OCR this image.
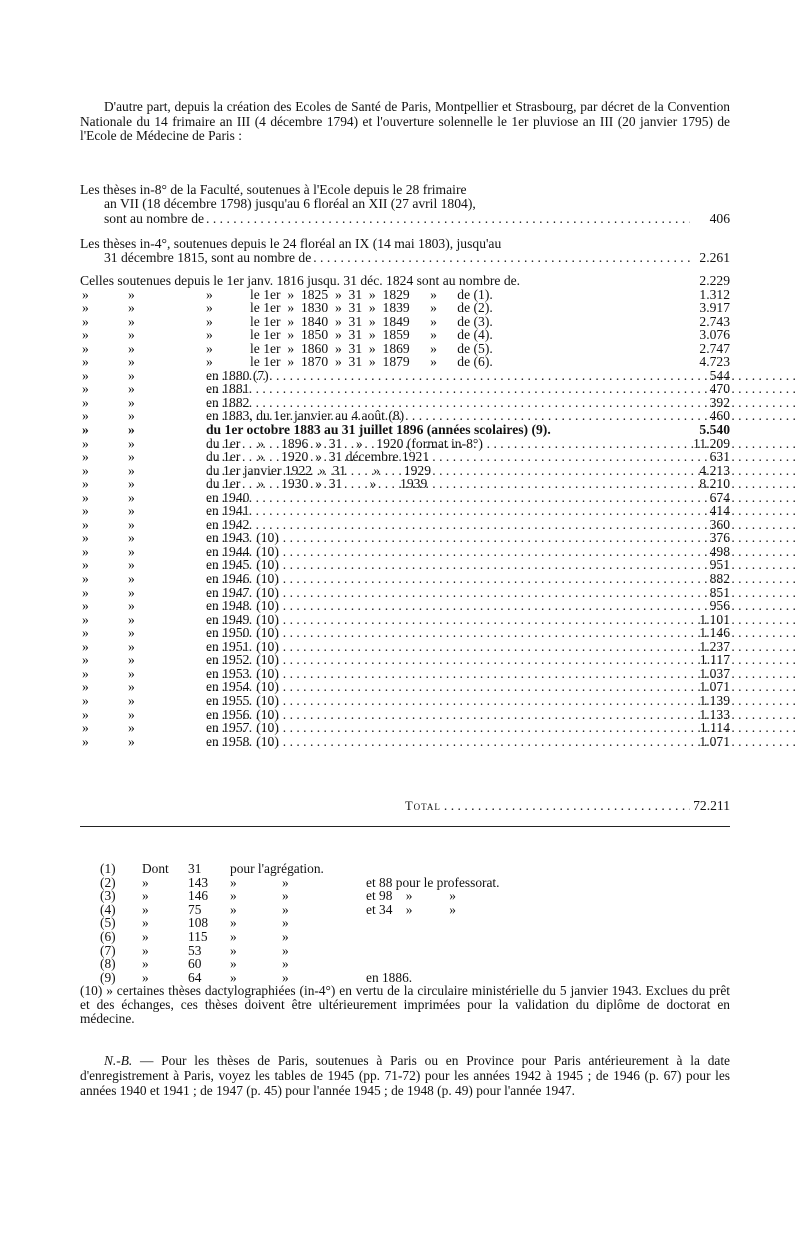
D'autre part, depuis la création des Ecoles de Santé de Paris, Montpellier et Strasbourg, par décret de la Convention Nationale du 14 frimaire an III (4 décembre 1794) et l'ouverture solennelle le 1er pluviose an III (20 janvier 1795) de l'Ecole de Médecine de Paris :

Les thèses in-8° de la Faculté, soutenues à l'Ecole depuis le 28 frimaire
an VII (18 décembre 1798) jusqu'au 6 floréal an XII (27 avril 1804),
sont au nombre de . . .	406
Les thèses in-4°, soutenues depuis le 24 floréal an IX (14 mai 1803), jusqu'au
31 décembre 1815, sont au nombre de . . .	2.261
Celles soutenues depuis le 1er janv. 1816 jusqu. 31 déc. 1824 sont au nombre de.	2.229
»	»	»	le 1er  »  1825  »  31  »  1829      »      de (1).	1.312
»	»	»	le 1er  »  1830  »  31  »  1839      »      de (2).	3.917
»	»	»	le 1er  »  1840  »  31  »  1849      »      de (3).	2.743
»	»	»	le 1er  »  1850  »  31  »  1859      »      de (4).	3.076
»	»	»	le 1er  »  1860  »  31  »  1869      »      de (5).	2.747
»	»	»	le 1er  »  1870  »  31  »  1879      »      de (6).	4.723
»	»	en 1880 (7) . . .	544
»	»	en 1881 . . .	470
»	»	en 1882 . . .	392
»	»	en 1883, du 1er janvier au 4 août (8) . . .	460
»	»	du 1er octobre 1883 au 31 juillet 1896 (années scolaires) (9).	5.540
»	»	du 1er     »     1896  »  31    »    1920 (format in-8°) . . .	11.209
»	»	du 1er     »     1920  »  31 décembre 1921 . . .	631
»	»	du 1er janvier 1922  »  31        »       1929 . . .	4.213
»	»	du 1er     »     1930  »  31        »       1939 . . .	8.210
»	»	en 1940 . . .	674
»	»	en 1941 . . .	414
»	»	en 1942 . . .	360
»	»	en 1943  (10) . . .	376
»	»	en 1944  (10) . . .	498
»	»	en 1945  (10) . . .	951
»	»	en 1946  (10) . . .	882
»	»	en 1947  (10) . . .	851
»	»	en 1948  (10) . . .	956
»	»	en 1949  (10) . . .	1.101
»	»	en 1950  (10) . . .	1.146
»	»	en 1951  (10) . . .	1.237
»	»	en 1952  (10) . . .	1.117
»	»	en 1953  (10) . . .	1.037
»	»	en 1954  (10) . . .	1.071
»	»	en 1955  (10) . . .	1.139
»	»	en 1956  (10) . . .	1.133
»	»	en 1957  (10) . . .	1.114
»	»	en 1958  (10) . . .	1.071
Total . . .	72.211
(1) Dont 31 pour l'agrégation.
(2) »	143 »	»	et 88 pour le professorat.
(3) »	146 »	»	et 98    »           »
(4) »	75 »	»	et 34    »           »
(5) »	108 »	»
(6) »	115 »	»
(7) »	53 »	»
(8) »	60 »	»
(9) »	64 »	»	en 1886.
(10) » certaines thèses dactylographiées (in-4°) en vertu de la circulaire ministérielle du 5 janvier 1943. Exclues du prêt et des échanges, ces thèses doivent être ultérieurement imprimées pour la validation du diplôme de doctorat en médecine.

N.-B. — Pour les thèses de Paris, soutenues à Paris ou en Province pour Paris antérieurement à la date d'enregistrement à Paris, voyez les tables de 1945 (pp. 71-72) pour les années 1942 à 1945 ; de 1946 (p. 67) pour les années 1940 et 1941 ; de 1947 (p. 45) pour l'année 1945 ; de 1948 (p. 49) pour l'année 1947.
